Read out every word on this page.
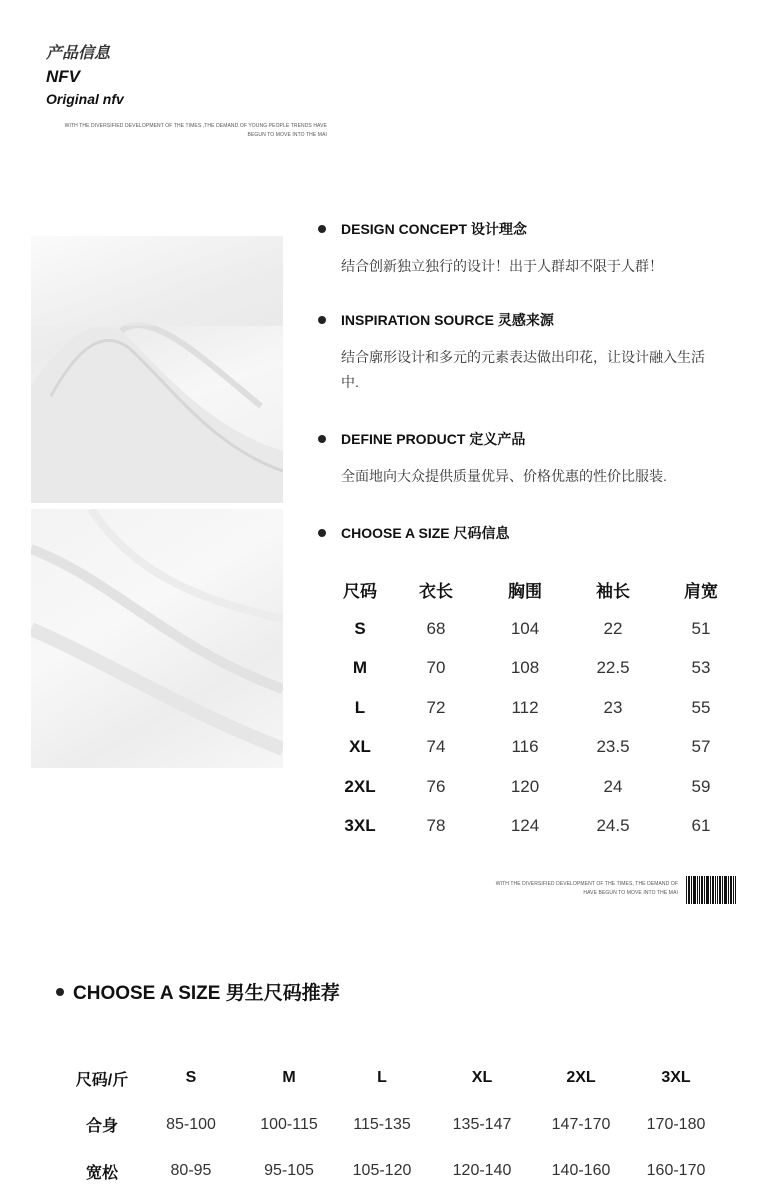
产品信息
NFV
Original nfv
WITH THE DIVERSIFIED DEVELOPMENT OF THE TIMES ,THE DEMAND OF YOUNG PEOPLE TRENDS HAVE
BEGUN TO MOVE INTO THE MAI
DESIGN CONCEPT 设计理念
结合创新独立独行的设计！出于人群却不限于人群！
INSPIRATION SOURCE 灵感来源
结合廓形设计和多元的元素表达做出印花，让设计融入生活中.
DEFINE PRODUCT 定义产品
全面地向大众提供质量优异、价格优惠的性价比服装.
CHOOSE A SIZE 尺码信息
尺码	衣长	胸围	袖长	肩宽
S	68	104	22	51
M	70	108	22.5	53
L	72	112	23	55
XL	74	116	23.5	57
2XL	76	120	24	59
3XL	78	124	24.5	61
WITH THE DIVERSIFIED DEVELOPMENT OF THE TIMES, THE DEMAND OF
HAVE BEGUN TO MOVE INTO THE MAI
CHOOSE A SIZE 男生尺码推荐
尺码/斤	S	M	L	XL	2XL	3XL
合身	85-100	100-115	115-135	135-147	147-170	170-180
宽松	80-95	95-105	105-120	120-140	140-160	160-170
